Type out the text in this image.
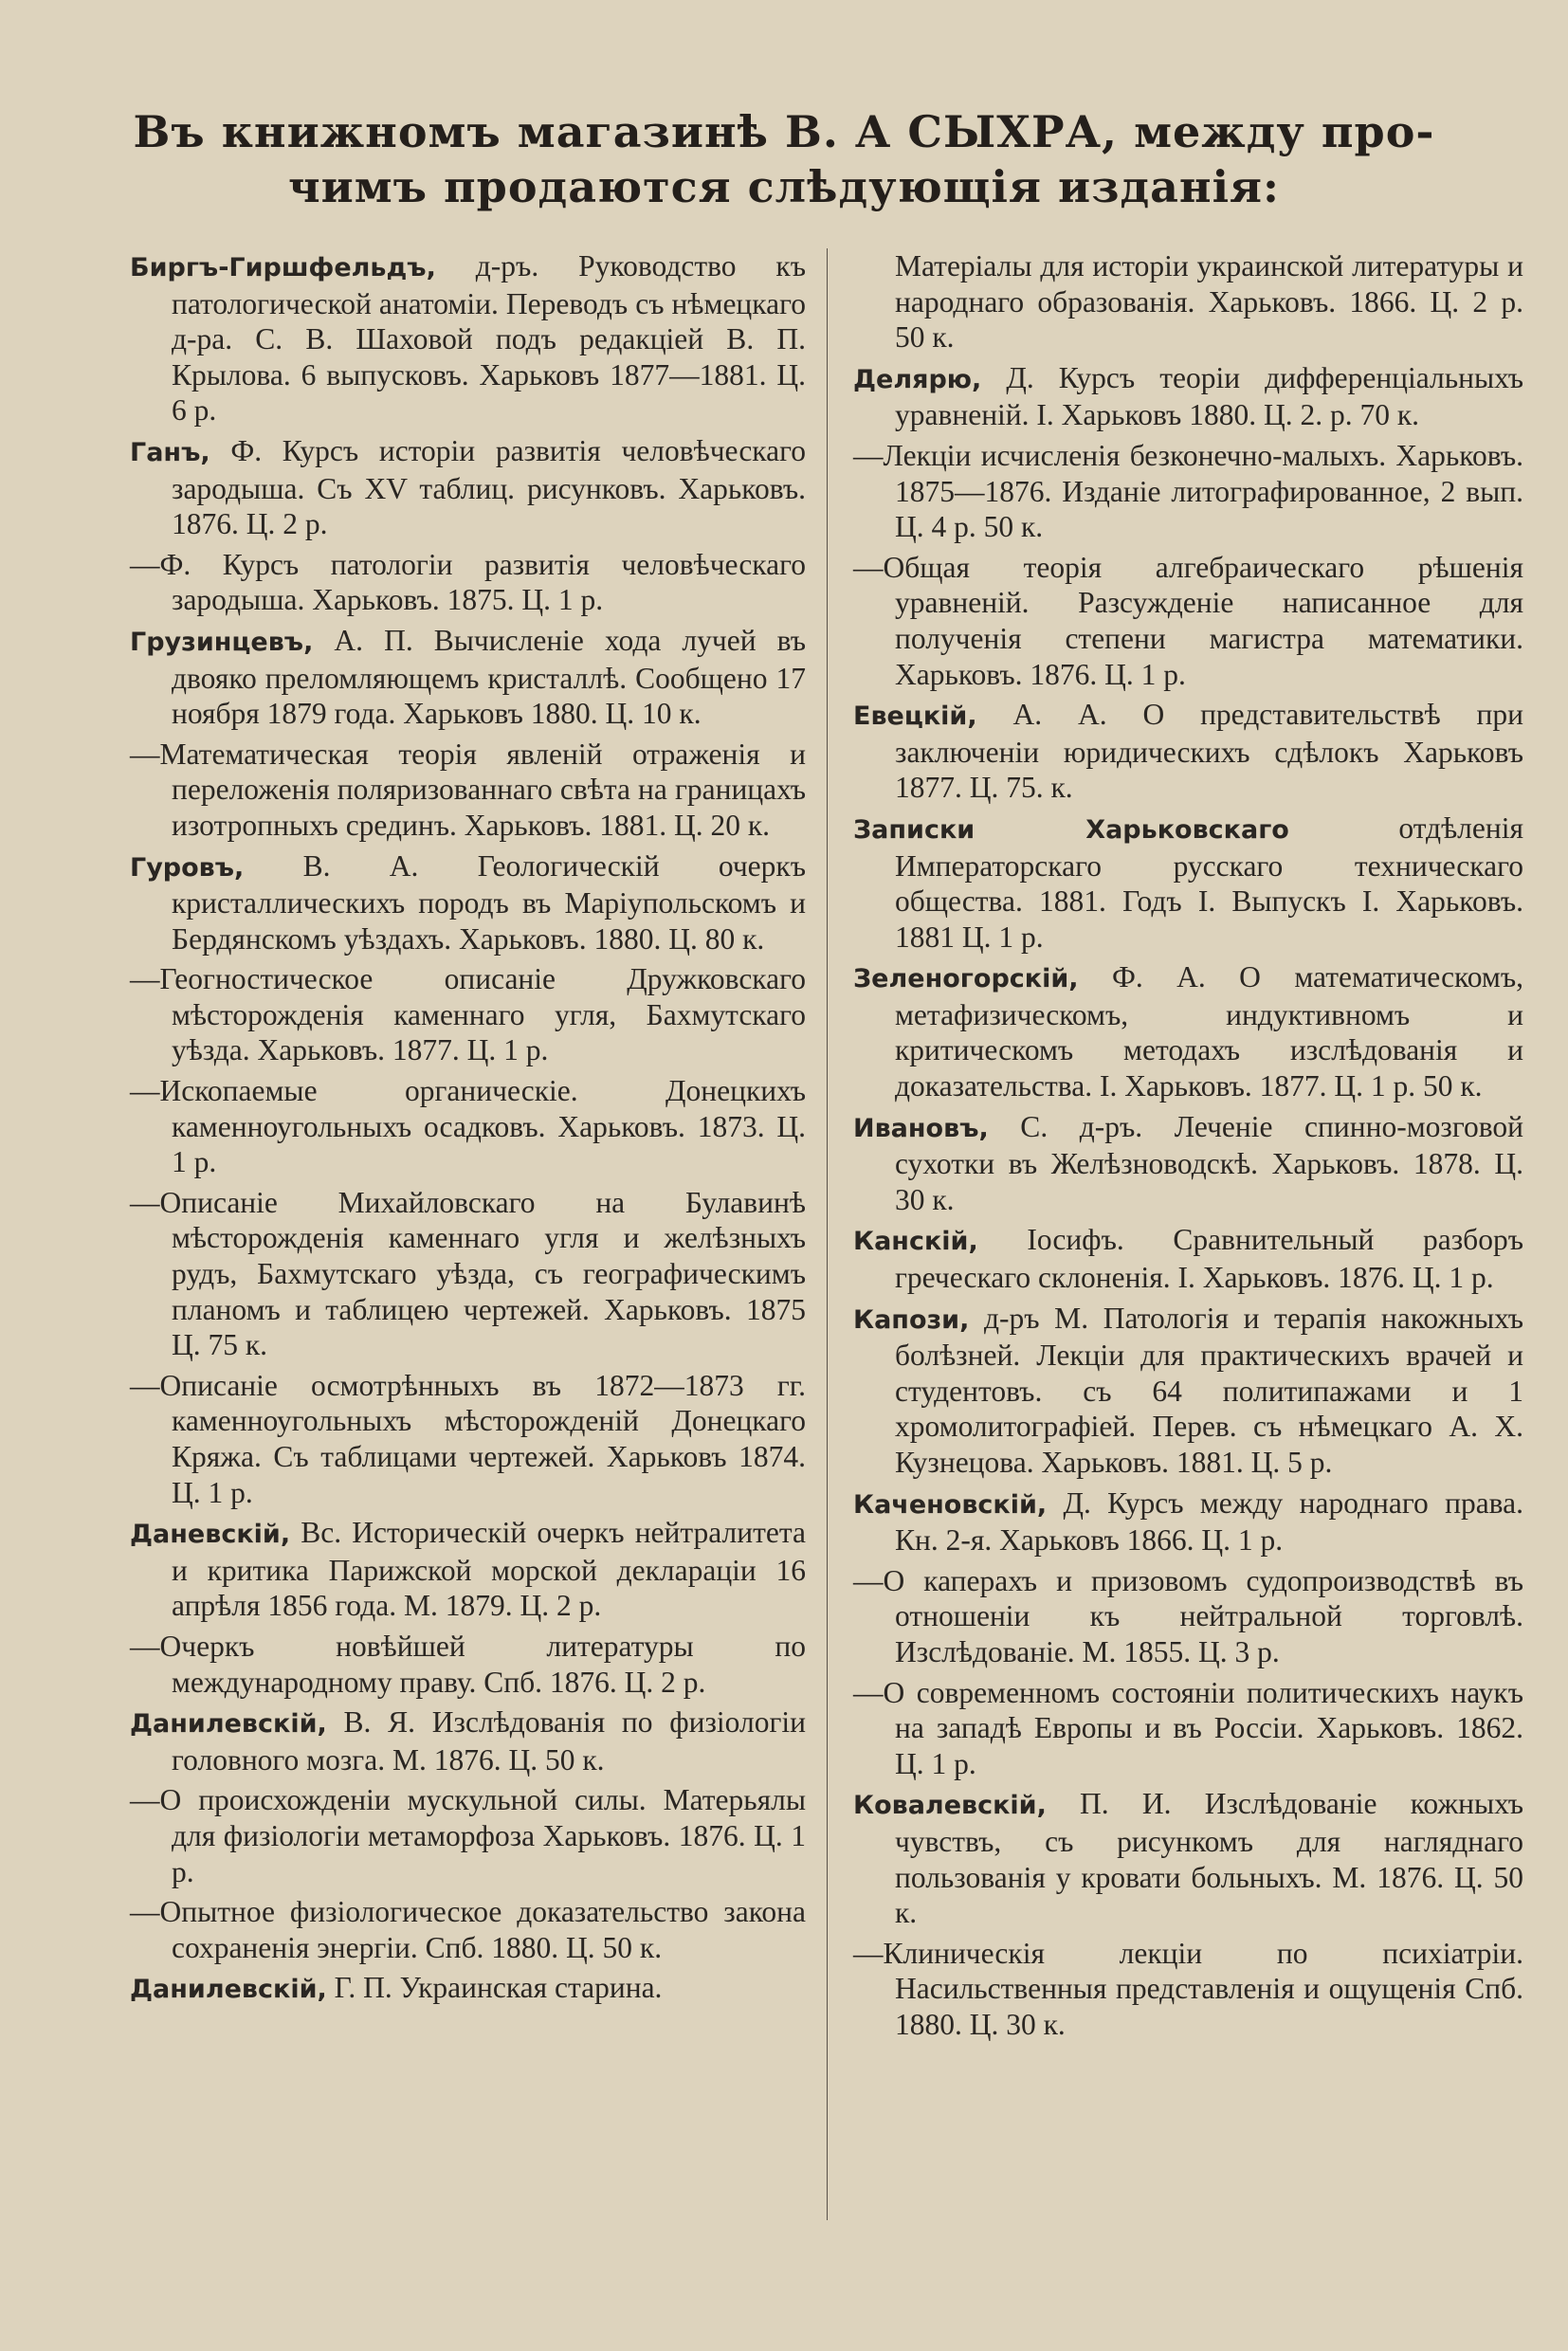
Въ книжномъ магазинѣ В. А СЫХРА, между про-
чимъ продаются слѣдующія изданія:

Биргъ-Гиршфельдъ, д-ръ. Руководство къ патологической анатоміи. Переводъ съ нѣмецкаго д-ра. С. В. Шаховой подъ редакціей В. П. Крылова. 6 выпусковъ. Харьковъ 1877—1881. Ц. 6 р.

Ганъ, Ф. Курсъ исторіи развитія человѣческаго зародыша. Съ XV таблиц. рисунковъ. Харьковъ. 1876. Ц. 2 р.

—Ф. Курсъ патологіи развитія человѣческаго зародыша. Харьковъ. 1875. Ц. 1 р.

Грузинцевъ, А. П. Вычисленіе хода лучей въ двояко преломляющемъ кристаллѣ. Сообщено 17 ноября 1879 года. Харьковъ 1880. Ц. 10 к.

—Математическая теорія явленій отраженія и переложенія поляризованнаго свѣта на границахъ изотропныхъ срединъ. Харьковъ. 1881. Ц. 20 к.

Гуровъ, В. А. Геологическій очеркъ кристаллическихъ породъ въ Маріупольскомъ и Бердянскомъ уѣздахъ. Харьковъ. 1880. Ц. 80 к.

—Геогностическое описаніе Дружковскаго мѣсторожденія каменнаго угля, Бахмутскаго уѣзда. Харьковъ. 1877. Ц. 1 р.

—Ископаемые органическіе. Донецкихъ каменноугольныхъ осадковъ. Харьковъ. 1873. Ц. 1 р.

—Описаніе Михайловскаго на Булавинѣ мѣсторожденія каменнаго угля и желѣзныхъ рудъ, Бахмутскаго уѣзда, съ географическимъ планомъ и таблицею чертежей. Харьковъ. 1875 Ц. 75 к.

—Описаніе осмотрѣнныхъ въ 1872—1873 гг. каменноугольныхъ мѣсторожденій Донецкаго Кряжа. Съ таблицами чертежей. Харьковъ 1874. Ц. 1 р.

Даневскій, Вс. Историческій очеркъ нейтралитета и критика Парижской морской декларацiи 16 апрѣля 1856 года. М. 1879. Ц. 2 р.

—Очеркъ новѣйшей литературы по международному праву. Спб. 1876. Ц. 2 р.

Данилевскій, В. Я. Изслѣдованія по физіологіи головного мозга. М. 1876. Ц. 50 к.

—О происхожденіи мускульной силы. Матерьялы для физіологіи метаморфоза Харьковъ. 1876. Ц. 1 р.

—Опытное физіологическое доказательство закона сохраненія энергіи. Спб. 1880. Ц. 50 к.

Данилевскій, Г. П. Украинская старина.

Матеріалы для исторіи украинской литературы и народнаго образованія. Харьковъ. 1866. Ц. 2 р. 50 к.

Делярю, Д. Курсъ теоріи дифференціальныхъ уравненій. I. Харьковъ 1880. Ц. 2. р. 70 к.

—Лекціи исчисленія безконечно-малыхъ. Харьковъ. 1875—1876. Изданіе литографированное, 2 вып. Ц. 4 р. 50 к.

—Общая теорія алгебраическаго рѣшенія уравненій. Разсужденіе написанное для полученія степени магистра математики. Харьковъ. 1876. Ц. 1 р.

Евецкій, А. А. О представительствѣ при заключеніи юридическихъ сдѣлокъ Харьковъ 1877. Ц. 75. к.

Записки Харьковскаго отдѣленія Императорскаго русскаго техническаго общества. 1881. Годъ I. Выпускъ I. Харьковъ. 1881 Ц. 1 р.

Зеленогорскій, Ф. А. О математическомъ, метафизическомъ, индуктивномъ и критическомъ методахъ изслѣдованія и доказательства. I. Харьковъ. 1877. Ц. 1 р. 50 к.

Ивановъ, С. д-ръ. Леченіе спинно-мозговой сухотки въ Желѣзноводскѣ. Харьковъ. 1878. Ц. 30 к.

Канскій, Іосифъ. Сравнительный разборъ греческаго склоненія. I. Харьковъ. 1876. Ц. 1 р.

Капози, д-ръ М. Патологія и терапія накожныхъ болѣзней. Лекціи для практическихъ врачей и студентовъ. съ 64 политипажами и 1 хромолитографіей. Перев. съ нѣмецкаго А. Х. Кузнецова. Харьковъ. 1881. Ц. 5 р.

Каченовскій, Д. Курсъ между народнаго права. Кн. 2-я. Харьковъ 1866. Ц. 1 р.

—О каперахъ и призовомъ судопроизводствѣ въ отношеніи къ нейтральной торговлѣ. Изслѣдованіе. М. 1855. Ц. 3 р.

—О современномъ состояніи политическихъ наукъ на западѣ Европы и въ Россіи. Харьковъ. 1862. Ц. 1 р.

Ковалевскій, П. И. Изслѣдованіе кожныхъ чувствъ, съ рисункомъ для нагляднаго пользованія у кровати больныхъ. М. 1876. Ц. 50 к.

—Клиническія лекціи по психіатріи. Насильственныя представленія и ощущенія Спб. 1880. Ц. 30 к.
